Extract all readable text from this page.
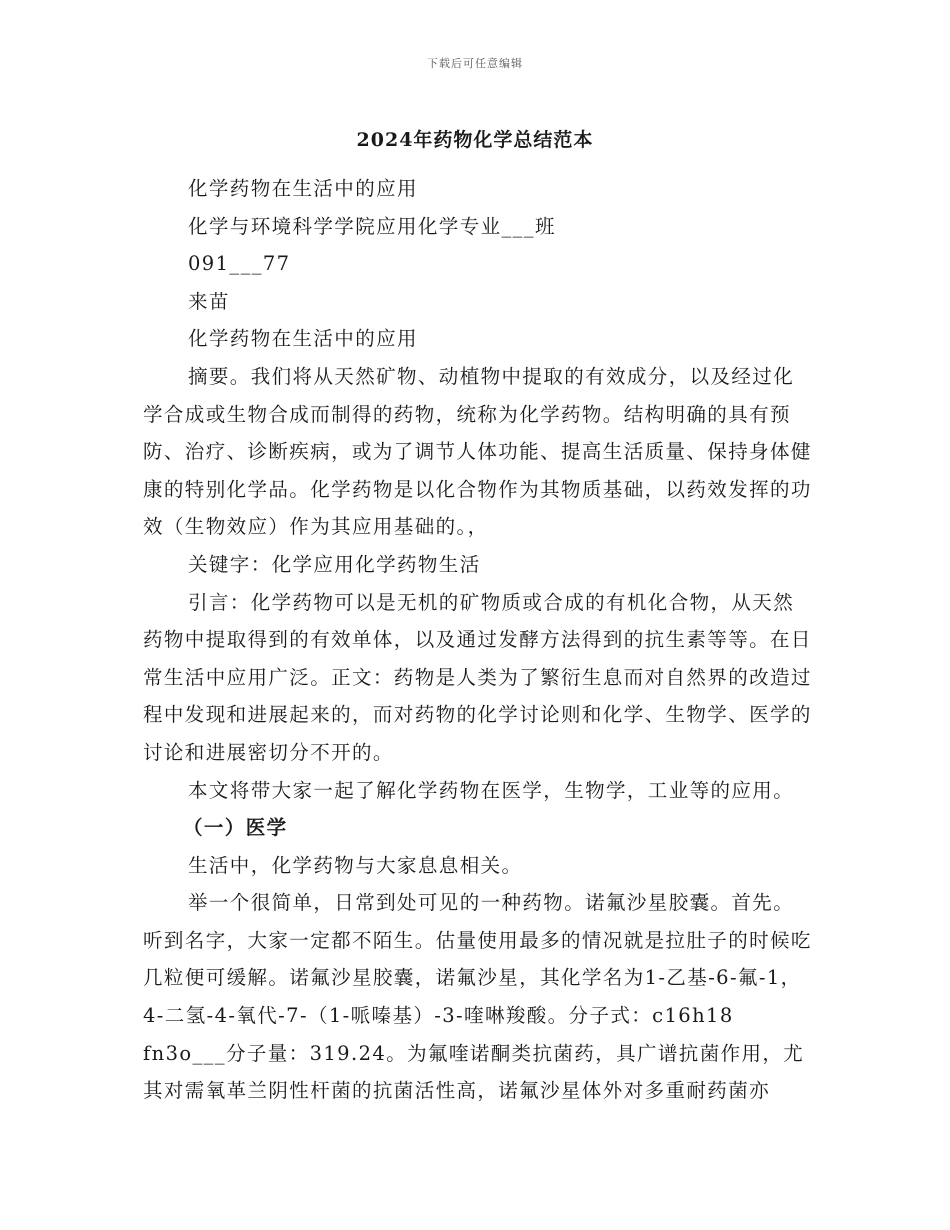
下载后可任意编辑
2024年药物化学总结范本

化学药物在生活中的应用

化学与环境科学学院应用化学专业___班

091___77

来苗

化学药物在生活中的应用

摘要。我们将从天然矿物、动植物中提取的有效成分，以及经过化学合成或生物合成而制得的药物，统称为化学药物。结构明确的具有预防、治疗、诊断疾病，或为了调节人体功能、提高生活质量、保持身体健康的特别化学品。化学药物是以化合物作为其物质基础，以药效发挥的功效（生物效应）作为其应用基础的。，

关键字：化学应用化学药物生活

引言：化学药物可以是无机的矿物质或合成的有机化合物，从天然药物中提取得到的有效单体，以及通过发酵方法得到的抗生素等等。在日常生活中应用广泛。正文：药物是人类为了繁衍生息而对自然界的改造过程中发现和进展起来的，而对药物的化学讨论则和化学、生物学、医学的讨论和进展密切分不开的。

本文将带大家一起了解化学药物在医学，生物学，工业等的应用。

（一）医学

生活中，化学药物与大家息息相关。

举一个很简单，日常到处可见的一种药物。诺氟沙星胶囊。首先。听到名字，大家一定都不陌生。估量使用最多的情况就是拉肚子的时候吃几粒便可缓解。诺氟沙星胶囊，诺氟沙星，其化学名为1-乙基-6-氟-1，4-二氢-4-氧代-7-（1-哌嗪基）-3-喹啉羧酸。分子式：c16h18 fn3o___分子量：319.24。为氟喹诺酮类抗菌药，具广谱抗菌作用，尤其对需氧革兰阴性杆菌的抗菌活性高，诺氟沙星体外对多重耐药菌亦
